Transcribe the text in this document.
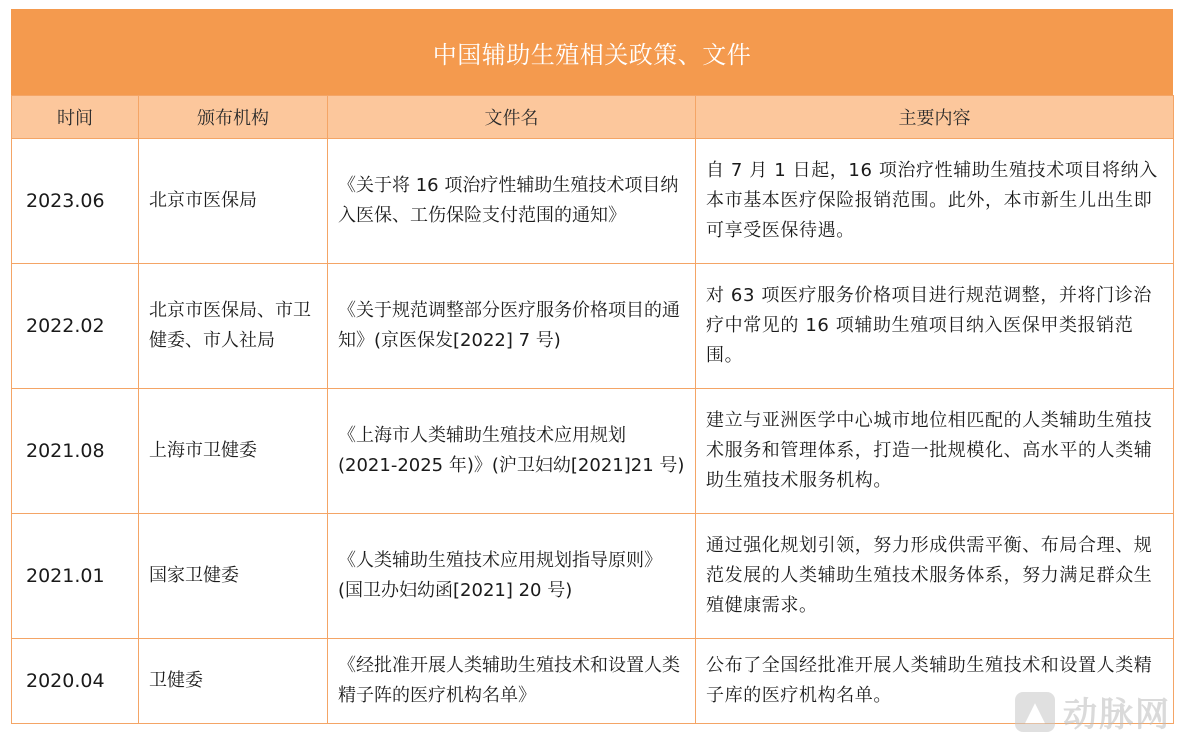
中国辅助生殖相关政策、文件
时间	颁布机构	文件名	主要内容
2023.06	北京市医保局	《关于将 16 项治疗性辅助生殖技术项目纳入医保、工伤保险支付范围的通知》	自 7 月 1 日起，16 项治疗性辅助生殖技术项目将纳入本市基本医疗保险报销范围。此外，本市新生儿出生即可享受医保待遇。
2022.02	北京市医保局、市卫健委、市人社局	《关于规范调整部分医疗服务价格项目的通知》(京医保发[2022] 7 号)	对 63 项医疗服务价格项目进行规范调整，并将门诊治疗中常见的 16 项辅助生殖项目纳入医保甲类报销范围。
2021.08	上海市卫健委	《上海市人类辅助生殖技术应用规划(2021-2025 年)》(沪卫妇幼[2021]21 号)	建立与亚洲医学中心城市地位相匹配的人类辅助生殖技术服务和管理体系，打造一批规模化、高水平的人类辅助生殖技术服务机构。
2021.01	国家卫健委	《人类辅助生殖技术应用规划指导原则》(国卫办妇幼函[2021] 20 号)	通过强化规划引领，努力形成供需平衡、布局合理、规范发展的人类辅助生殖技术服务体系，努力满足群众生殖健康需求。
2020.04	卫健委	《经批准开展人类辅助生殖技术和设置人类精子阵的医疗机构名单》	公布了全国经批准开展人类辅助生殖技术和设置人类精子库的医疗机构名单。
▲ 动脉网
